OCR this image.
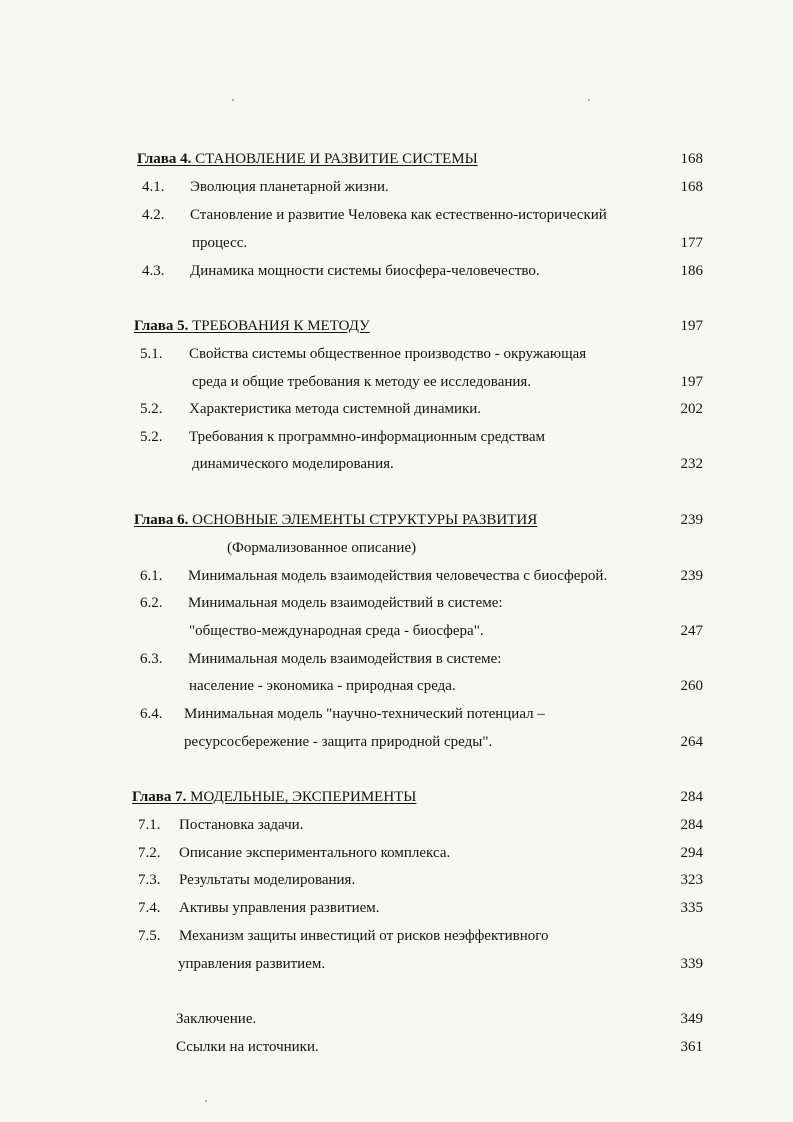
Глава 4. СТАНОВЛЕНИЕ И РАЗВИТИЕ СИСТЕМЫ	168
4.1. Эволюция планетарной жизни.	168
4.2. Становление и развитие Человека как естественно-исторический
процесс.	177
4.3. Динамика мощности системы биосфера-человечество.	186
Глава 5. ТРЕБОВАНИЯ К МЕТОДУ	197
5.1. Свойства системы общественное производство - окружающая
среда и общие требования к методу ее исследования.	197
5.2. Характеристика метода системной динамики.	202
5.2. Требования к программно-информационным средствам
динамического моделирования.	232
Глава 6. ОСНОВНЫЕ ЭЛЕМЕНТЫ СТРУКТУРЫ РАЗВИТИЯ	239
(Формализованное описание)
6.1. Минимальная модель взаимодействия человечества с биосферой.	239
6.2. Минимальная модель взаимодействий в системе:
"общество-международная среда - биосфера".	247
6.3. Минимальная модель взаимодействия в системе:
население - экономика - природная среда.	260
6.4. Минимальная модель "научно-технический потенциал –
ресурсосбережение - защита природной среды".	264
Глава 7. МОДЕЛЬНЫЕ, ЭКСПЕРИМЕНТЫ	284
7.1. Постановка задачи.	284
7.2. Описание экспериментального комплекса.	294
7.3. Результаты моделирования.	323
7.4. Активы управления развитием.	335
7.5. Механизм защиты инвестиций от рисков неэффективного
управления развитием.	339
Заключение.	349
Ссылки на источники.	361
